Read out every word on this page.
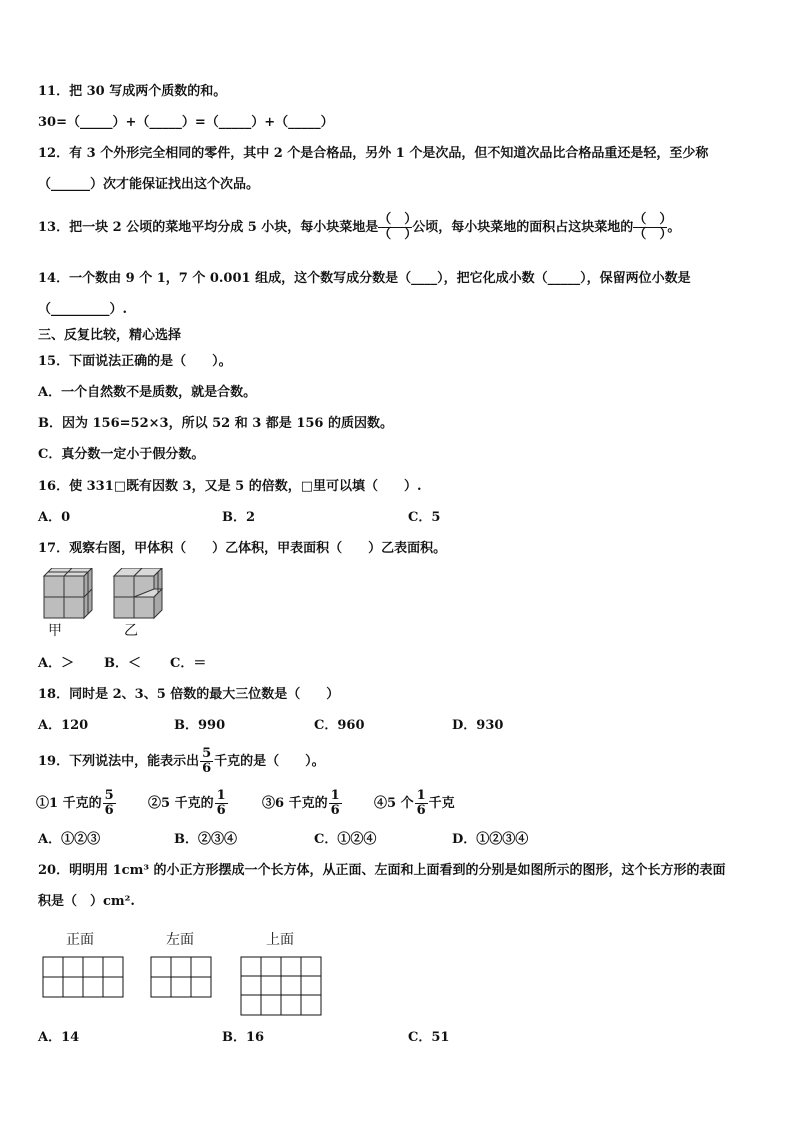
11．把 30 写成两个质数的和。
30=（_____）+（_____）=（_____）+（_____）
12．有 3 个外形完全相同的零件，其中 2 个是合格品，另外 1 个是次品，但不知道次品比合格品重还是轻，至少称
（______）次才能保证找出这个次品。
13．把一块 2 公顷的菜地平均分成 5 小块，每小块菜地是 $\frac{( )}{( )}$ 公顷，每小块菜地的面积占这块菜地的 $\frac{( )}{( )}$ 。
14．一个数由 9 个 1，7 个 0.001 组成，这个数写成分数是（____），把它化成小数（_____），保留两位小数是
（_________）.
三、反复比较，精心选择
15．下面说法正确的是（　　）。
A．一个自然数不是质数，就是合数。
B．因为 156=52×3，所以 52 和 3 都是 156 的质因数。
C．真分数一定小于假分数。
16．使 331□既有因数 3，又是 5 的倍数，□里可以填（　　）.
A．0	B．2	C．5
17．观察右图，甲体积（　　）乙体积，甲表面积（　　）乙表面积。
甲	乙
A．＞ B．＜ C．＝
18．同时是 2、3、5 倍数的最大三位数是（　　）
A．120	B．990	C．960	D．930
19．下列说法中，能表示出 $\frac{5}{6}$ 千克的是（　　）。
①1 千克的 $\frac{5}{6}$ ②5 千克的 $\frac{1}{6}$	③6 千克的 $\frac{1}{6}$ ④5 个 $\frac{1}{6}$ 千克
A．①②③	B．②③④	C．①②④	D．①②③④
20．明明用 1cm³ 的小正方形摆成一个长方体，从正面、左面和上面看到的分别是如图所示的图形，这个长方形的表面
积是（　）cm².
正面	左面	上面
A．14	B．16	C．51
